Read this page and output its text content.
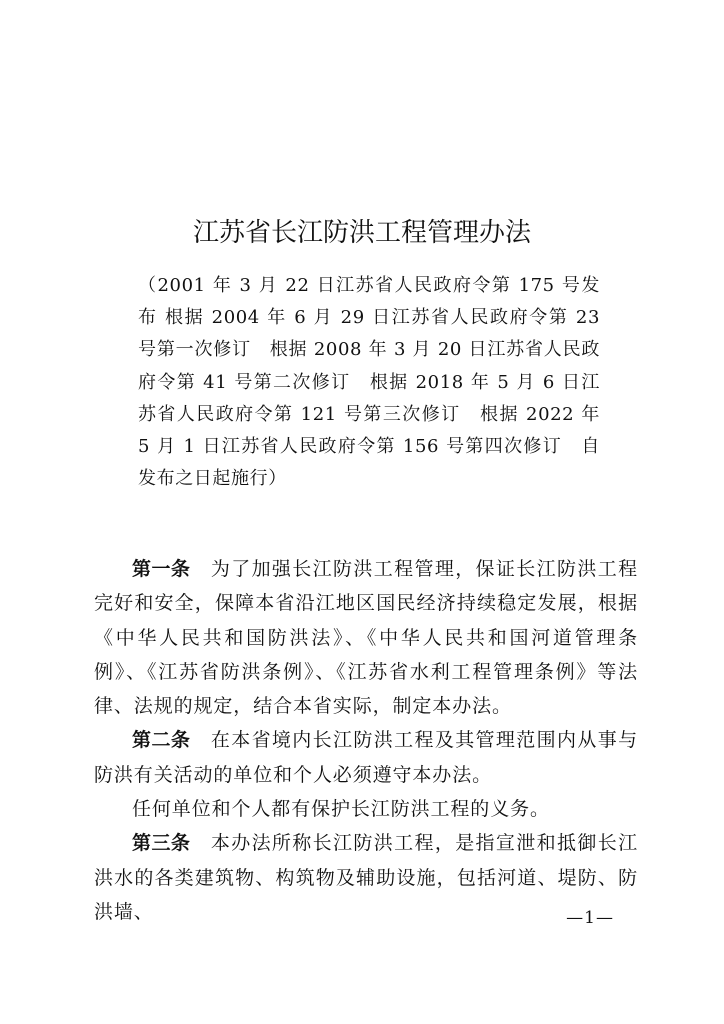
江苏省长江防洪工程管理办法

（2001 年 3 月 22 日江苏省人民政府令第 175 号发布 根据 2004 年 6 月 29 日江苏省人民政府令第 23 号第一次修订　根据 2008 年 3 月 20 日江苏省人民政府令第 41 号第二次修订　根据 2018 年 5 月 6 日江苏省人民政府令第 121 号第三次修订　根据 2022 年 5 月 1 日江苏省人民政府令第 156 号第四次修订　自发布之日起施行）

第一条 为了加强长江防洪工程管理，保证长江防洪工程完好和安全，保障本省沿江地区国民经济持续稳定发展，根据《中华人民共和国防洪法》、《中华人民共和国河道管理条例》、《江苏省防洪条例》、《江苏省水利工程管理条例》等法律、法规的规定，结合本省实际，制定本办法。

第二条 在本省境内长江防洪工程及其管理范围内从事与防洪有关活动的单位和个人必须遵守本办法。

任何单位和个人都有保护长江防洪工程的义务。

第三条 本办法所称长江防洪工程，是指宣泄和抵御长江洪水的各类建筑物、构筑物及辅助设施，包括河道、堤防、防洪墙、	—1—
